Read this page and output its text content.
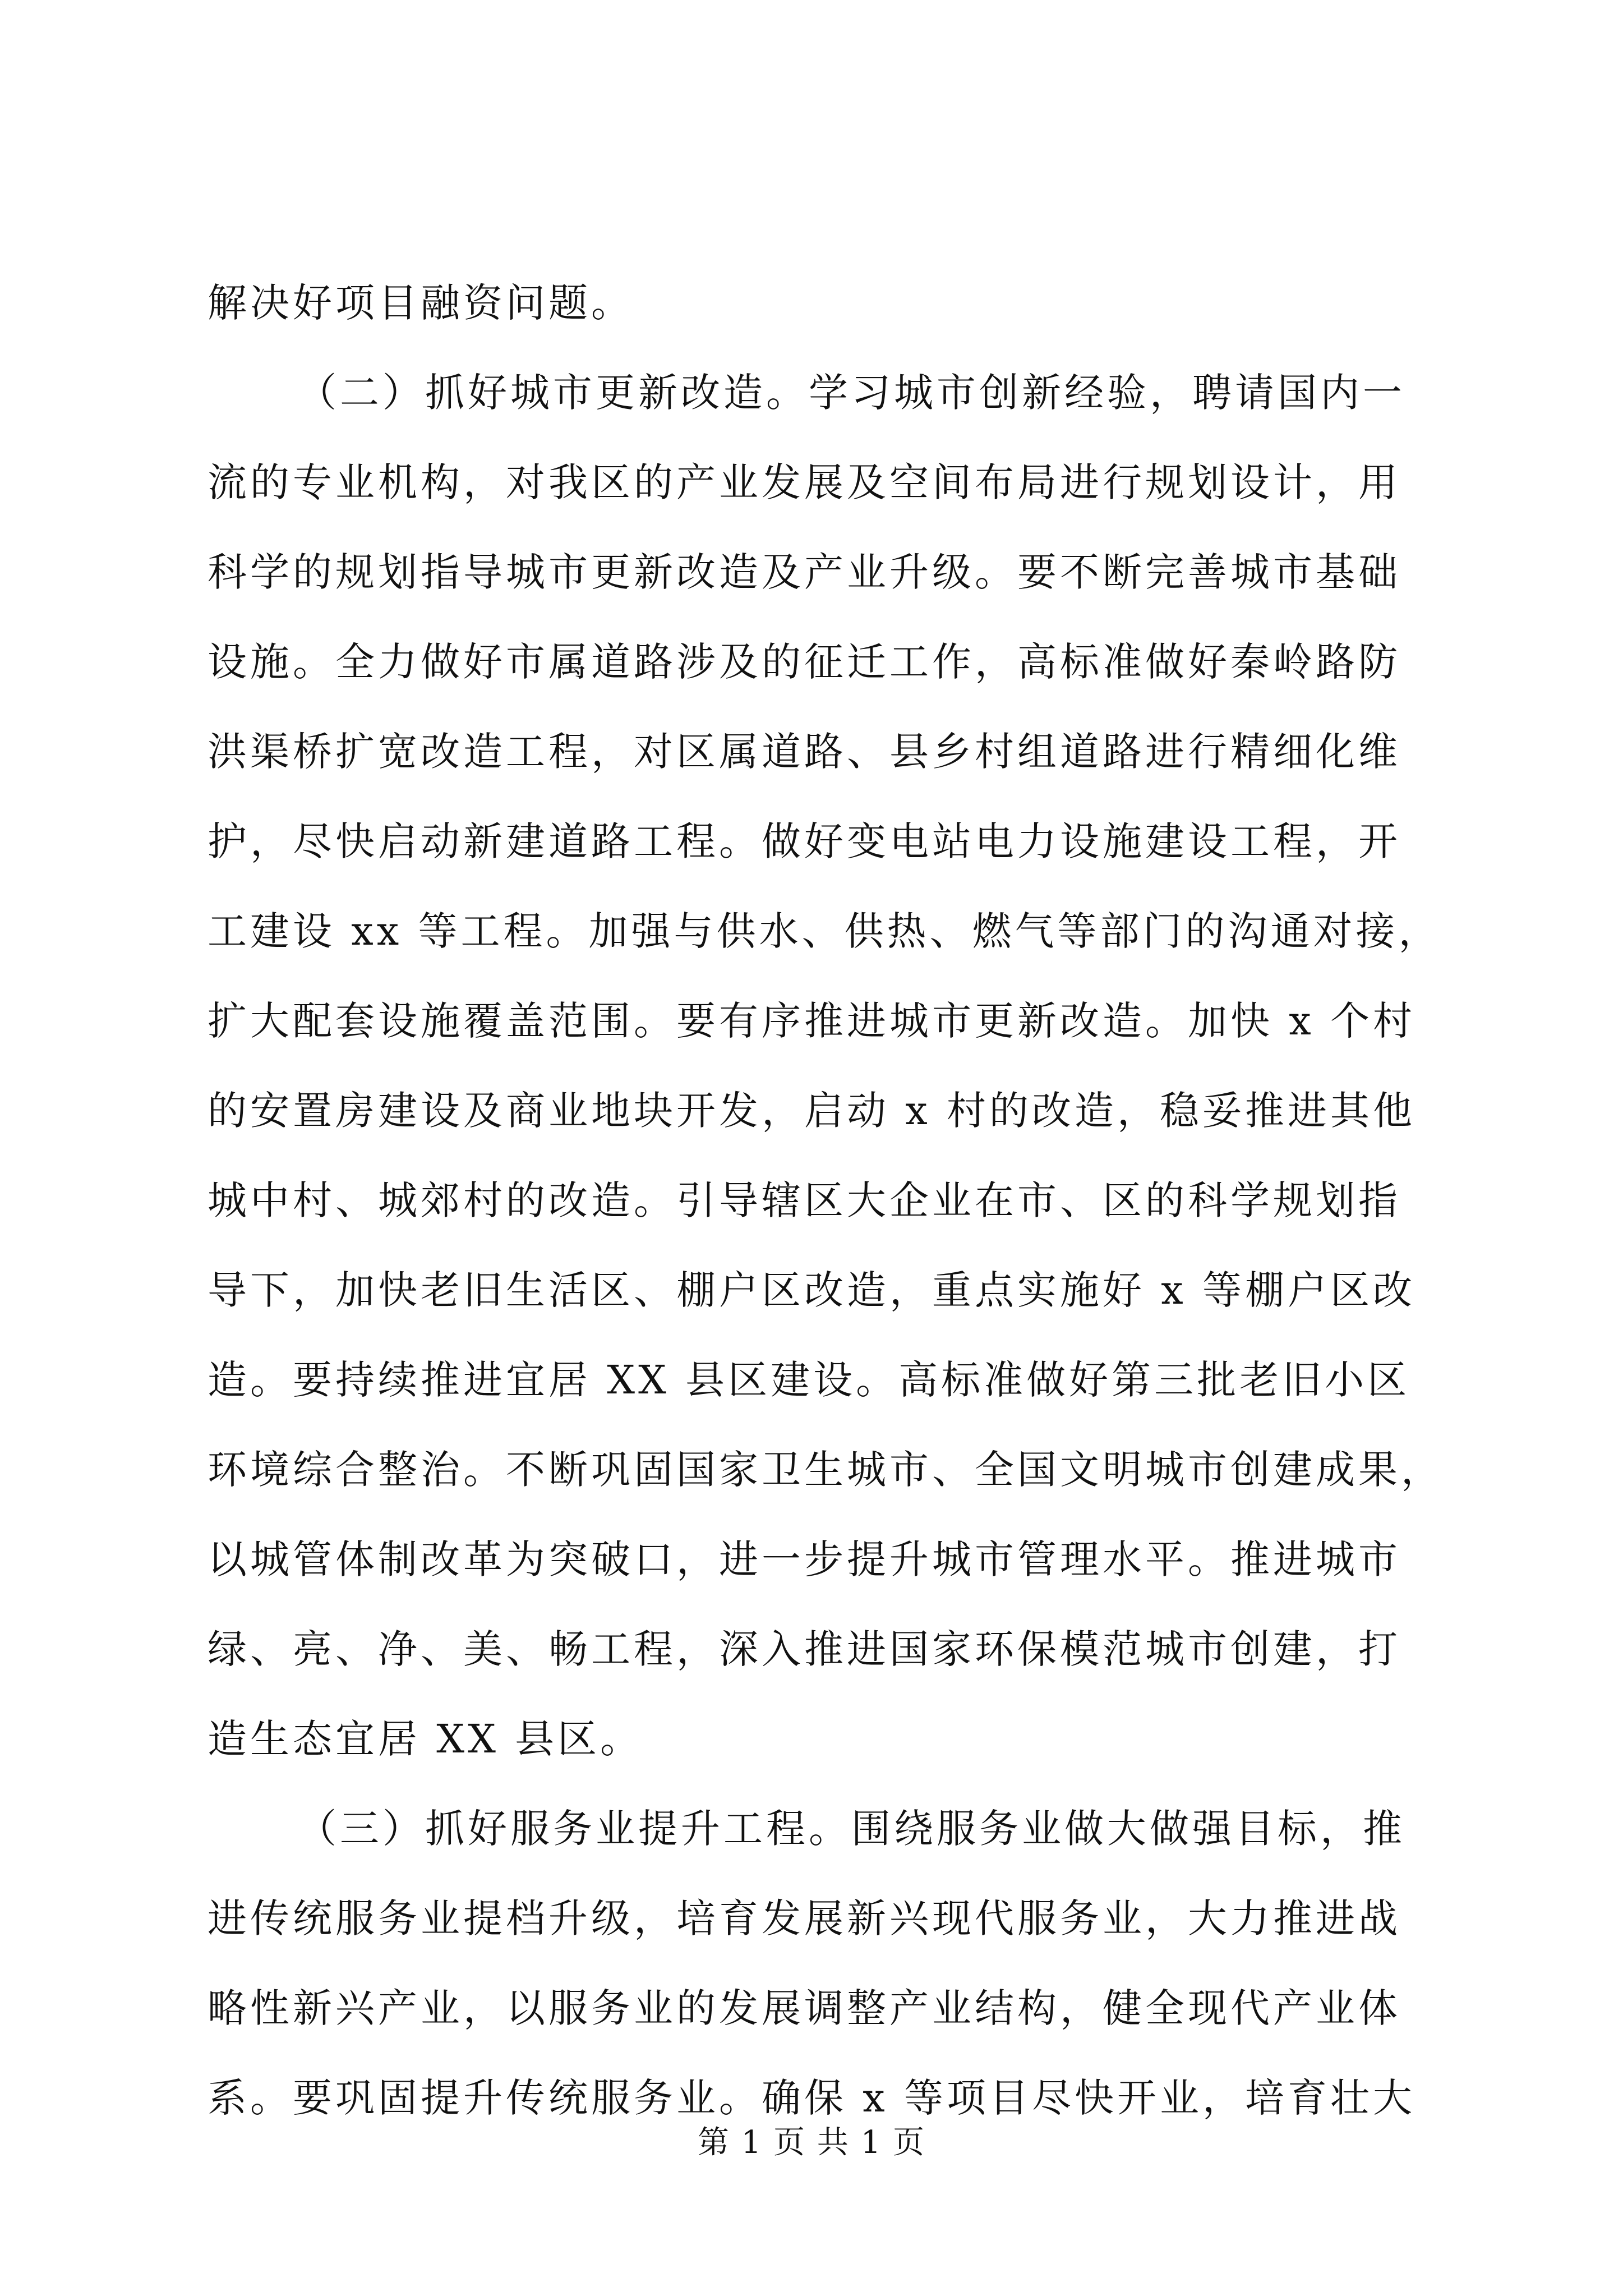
解决好项目融资问题。
（二）抓好城市更新改造。学习城市创新经验，聘请国内一
流的专业机构，对我区的产业发展及空间布局进行规划设计，用
科学的规划指导城市更新改造及产业升级。要不断完善城市基础
设施。全力做好市属道路涉及的征迁工作，高标准做好秦岭路防
洪渠桥扩宽改造工程，对区属道路、县乡村组道路进行精细化维
护，尽快启动新建道路工程。做好变电站电力设施建设工程，开
工建设 xx 等工程。加强与供水、供热、燃气等部门的沟通对接，
扩大配套设施覆盖范围。要有序推进城市更新改造。加快 x 个村
的安置房建设及商业地块开发，启动 x 村的改造，稳妥推进其他
城中村、城郊村的改造。引导辖区大企业在市、区的科学规划指
导下，加快老旧生活区、棚户区改造，重点实施好 x 等棚户区改
造。要持续推进宜居 XX 县区建设。高标准做好第三批老旧小区
环境综合整治。不断巩固国家卫生城市、全国文明城市创建成果，
以城管体制改革为突破口，进一步提升城市管理水平。推进城市
绿、亮、净、美、畅工程，深入推进国家环保模范城市创建，打
造生态宜居 XX 县区。
（三）抓好服务业提升工程。围绕服务业做大做强目标，推
进传统服务业提档升级，培育发展新兴现代服务业，大力推进战
略性新兴产业，以服务业的发展调整产业结构，健全现代产业体
系。要巩固提升传统服务业。确保 x 等项目尽快开业，培育壮大
第 1 页 共 1 页
